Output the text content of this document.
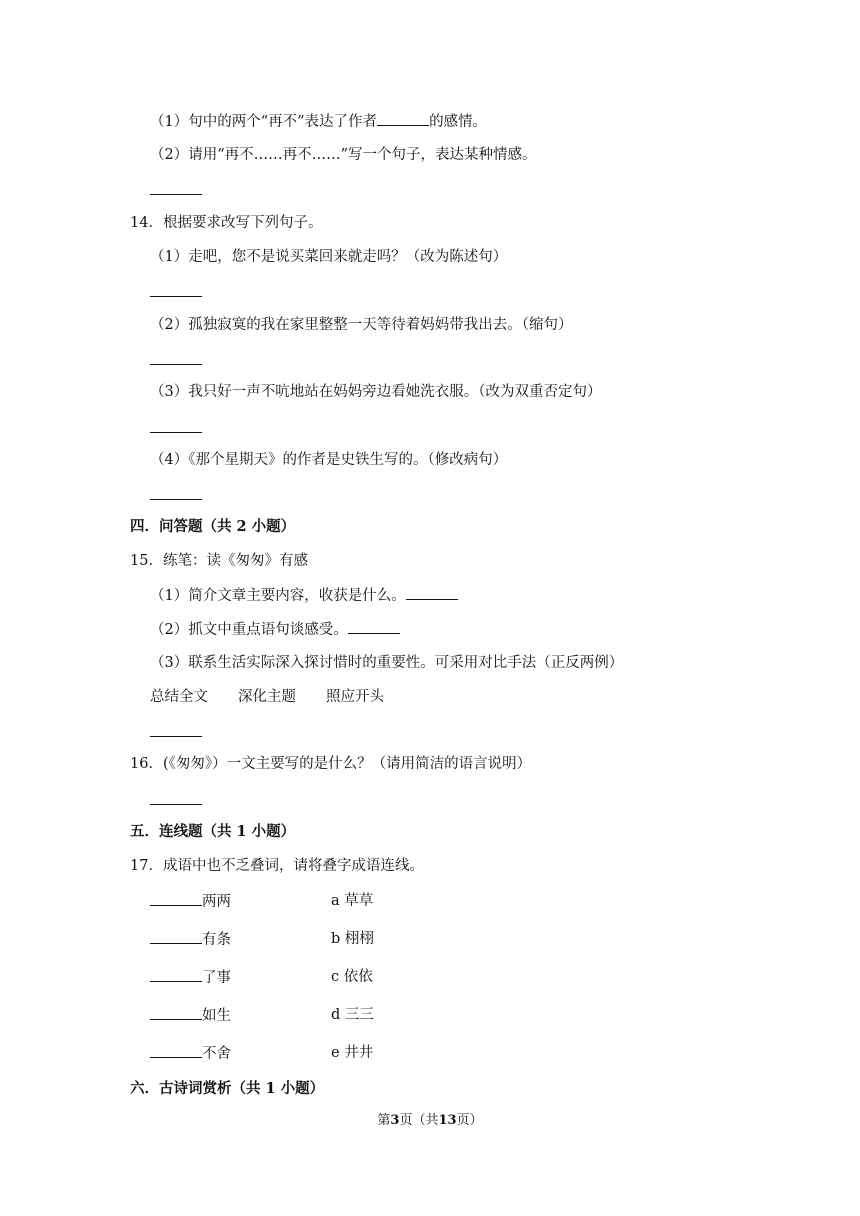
（1）句中的两个“再不”表达了作者	的感情。
（2）请用“再不……再不……”写一个句子，表达某种情感。
14．根据要求改写下列句子。
（1）走吧，您不是说买菜回来就走吗？（改为陈述句）
（2）孤独寂寞的我在家里整整一天等待着妈妈带我出去。（缩句）
（3）我只好一声不吭地站在妈妈旁边看她洗衣服。（改为双重否定句）
（4）《那个星期天》的作者是史铁生写的。（修改病句）
四．问答题（共 2 小题）
15．练笔：读《匆匆》有感
（1）简介文章主要内容，收获是什么。
（2）抓文中重点语句谈感受。
（3）联系生活实际深入探讨惜时的重要性。可采用对比手法（正反两例）
总结全文 深化主题 照应开头
16．(《匆匆》）一文主要写的是什么？（请用简洁的语言说明）
五．连线题（共 1 小题）
17．成语中也不乏叠词，请将叠字成语连线。
两两	a 草草
有条	b 栩栩
了事	c 依依
如生	d 三三
不舍	e 井井
六．古诗词赏析（共 1 小题）
第3页（共13页）
